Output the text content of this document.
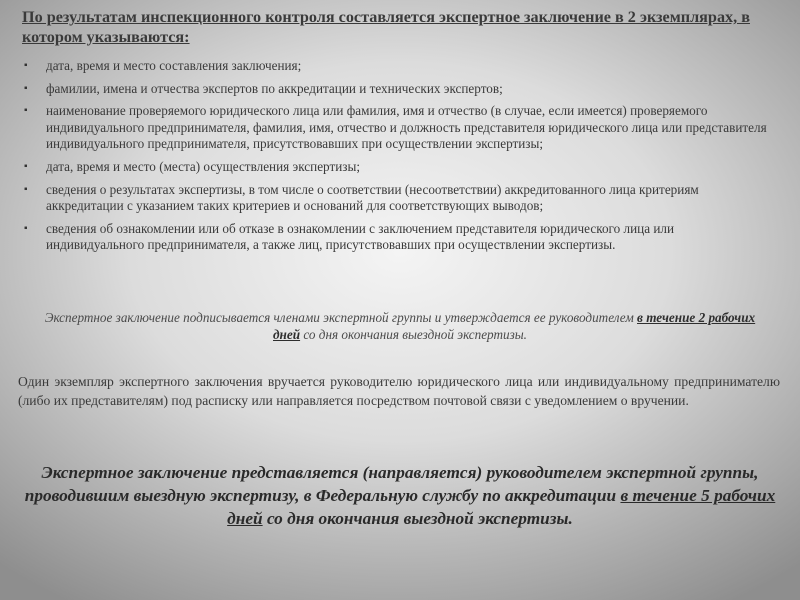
По результатам инспекционного контроля составляется экспертное заключение в 2 экземплярах, в котором указываются:

▪ дата, время и место составления заключения;
▪ фамилии, имена и отчества экспертов по аккредитации и технических экспертов;
▪ наименование проверяемого юридического лица или фамилия, имя и отчество (в случае, если имеется) проверяемого индивидуального предпринимателя, фамилия, имя, отчество и должность представителя юридического лица или представителя индивидуального предпринимателя, присутствовавших при осуществлении экспертизы;
▪ дата, время и место (места) осуществления экспертизы;
▪ сведения о результатах экспертизы, в том числе о соответствии (несоответствии) аккредитованного лица критериям аккредитации с указанием таких критериев и оснований для соответствующих выводов;
▪ сведения об ознакомлении или об отказе в ознакомлении с заключением представителя юридического лица или индивидуального предпринимателя, а также лиц, присутствовавших при осуществлении экспертизы.
Экспертное заключение подписывается членами экспертной группы и утверждается ее руководителем в течение 2 рабочих дней со дня окончания выездной экспертизы.
Один экземпляр экспертного заключения вручается руководителю юридического лица или индивидуальному предпринимателю (либо их представителям) под расписку или направляется посредством почтовой связи с уведомлением о вручении.
Экспертное заключение представляется (направляется) руководителем экспертной группы, проводившим выездную экспертизу, в Федеральную службу по аккредитации в течение 5 рабочих дней со дня окончания выездной экспертизы.
